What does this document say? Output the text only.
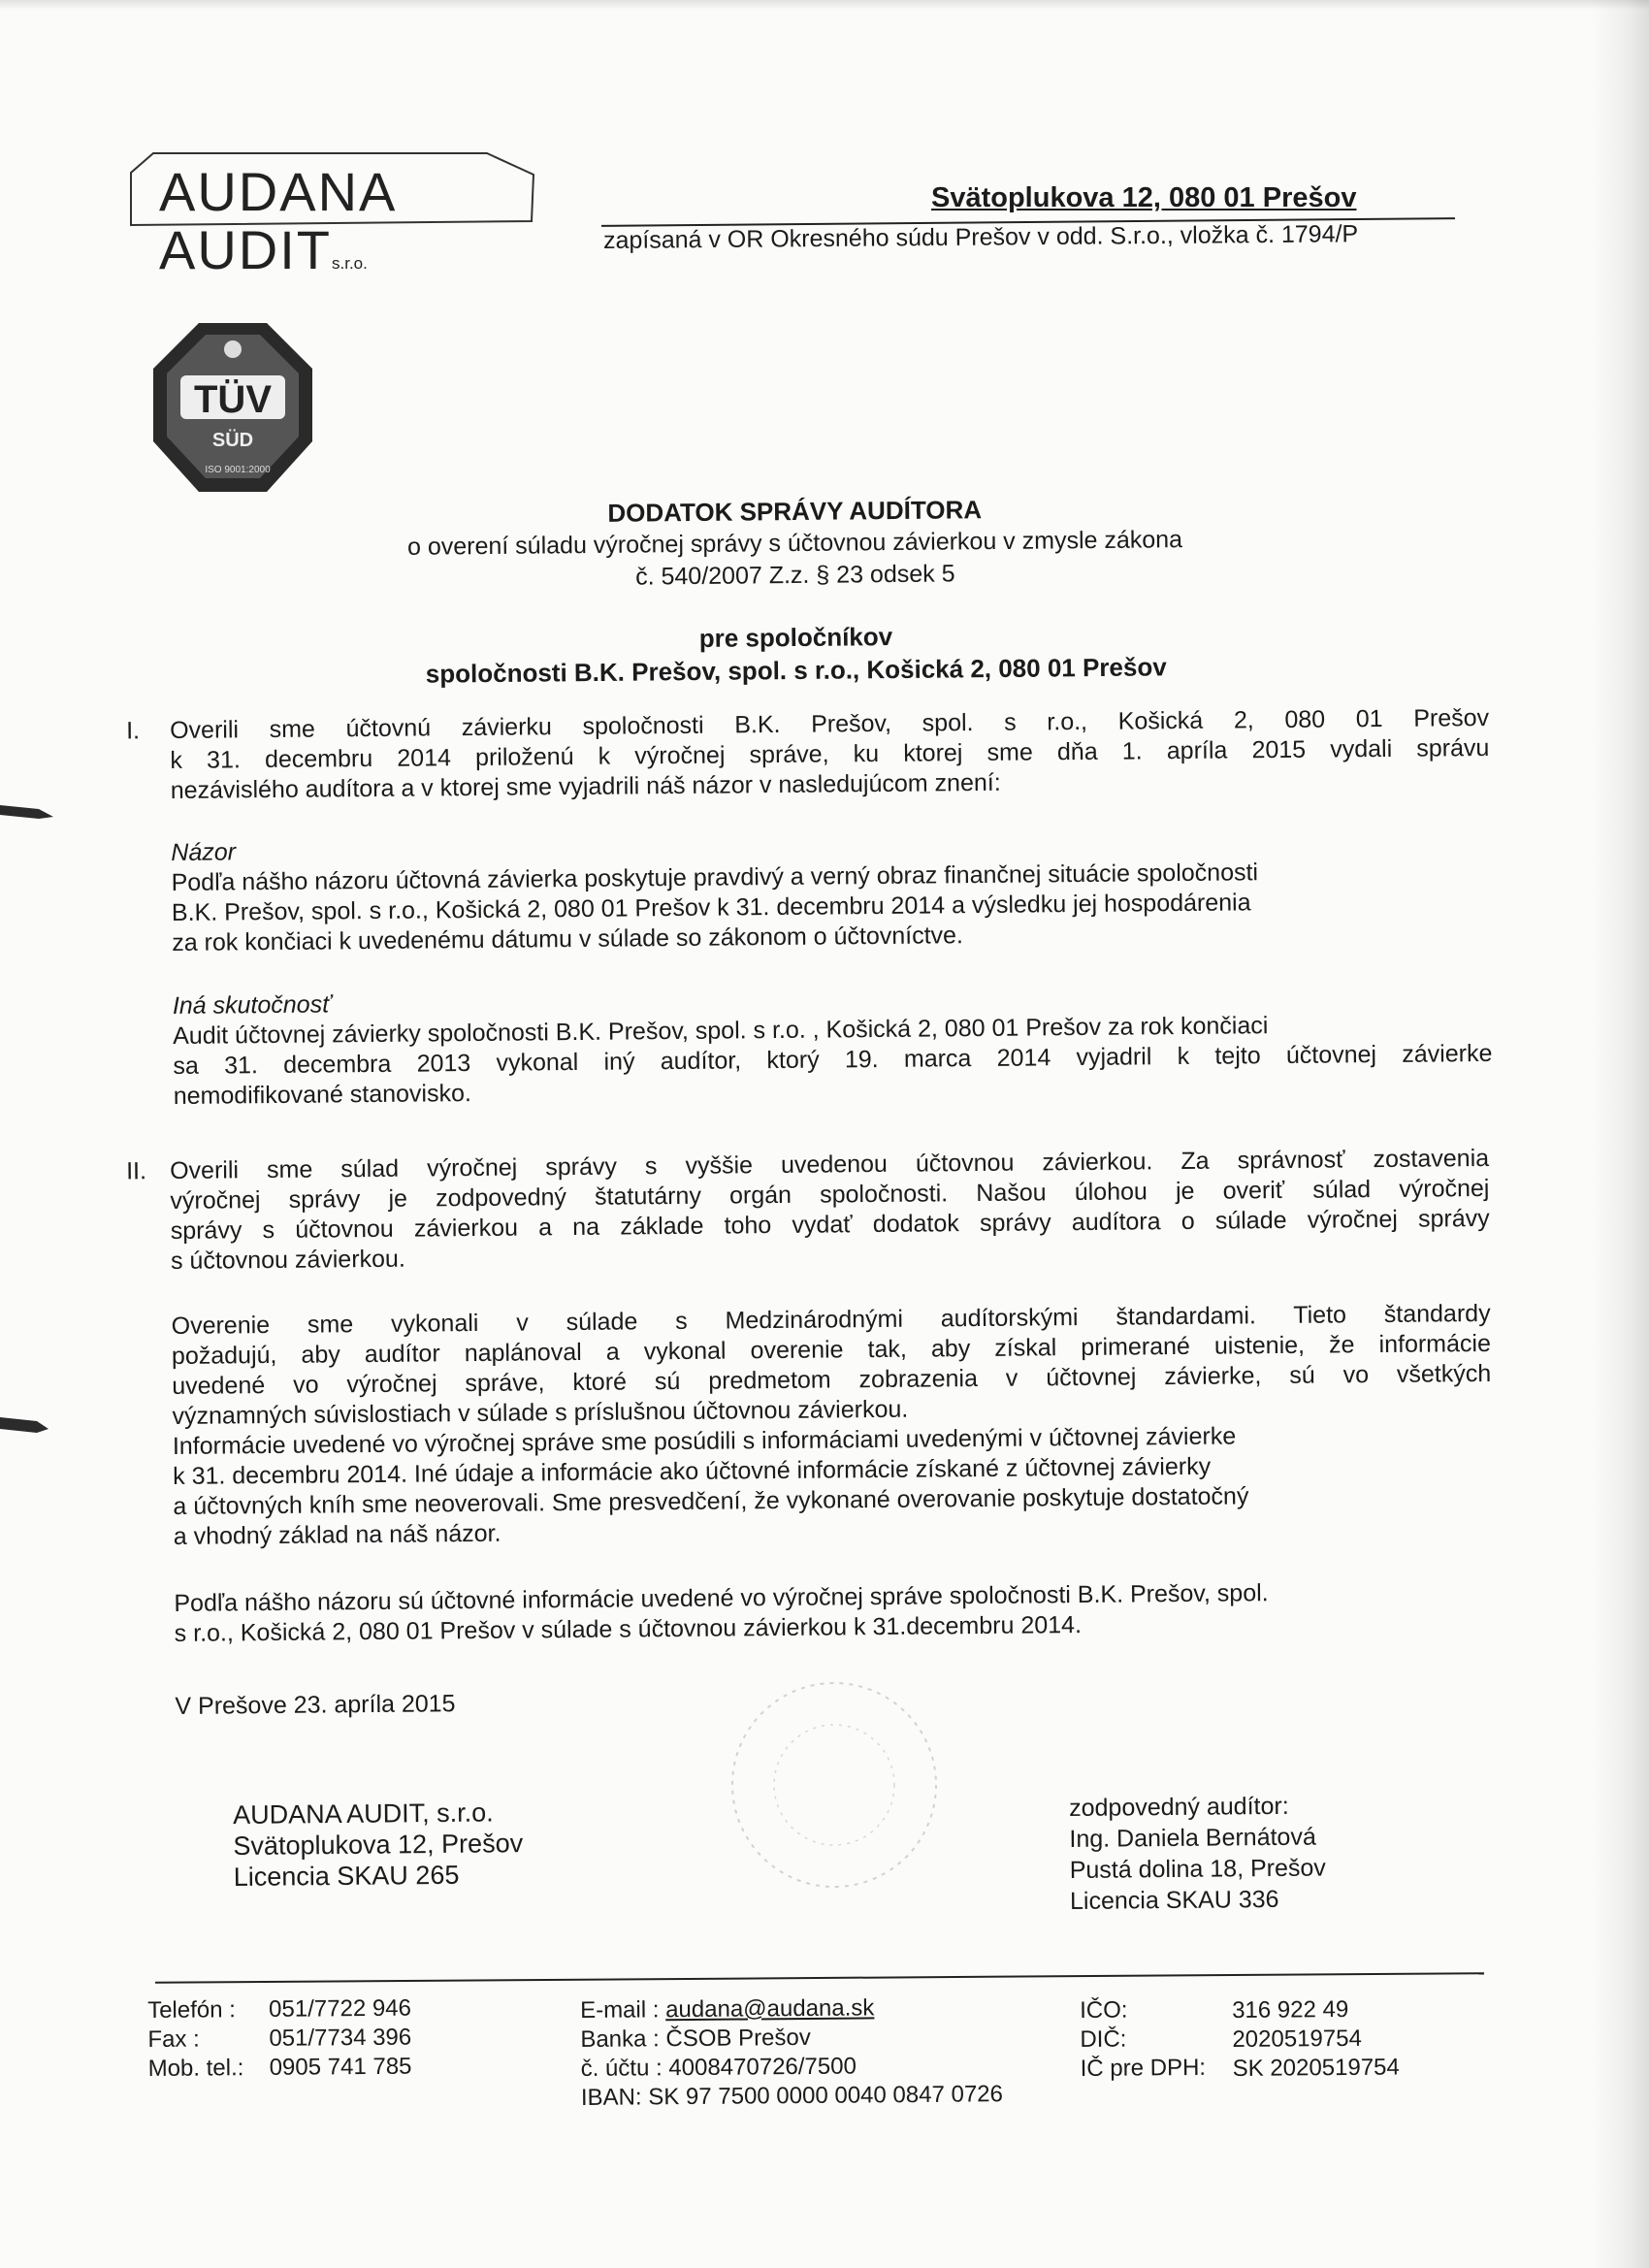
AUDANA AUDITs.r.o.
Svätoplukova 12, 080 01 Prešov
zapísaná v OR Okresného súdu Prešov v odd. S.r.o., vložka č. 1794/P
TÜV
SÜD
ISO 9001:2000
DODATOK SPRÁVY AUDÍTORA
o overení súladu výročnej správy s účtovnou závierkou v zmysle zákona
č. 540/2007 Z.z. § 23 odsek 5
pre spoločníkov
spoločnosti B.K. Prešov, spol. s r.o., Košická 2, 080 01 Prešov
I. Overili sme účtovnú závierku spoločnosti B.K. Prešov, spol. s r.o., Košická 2, 080 01 Prešov
k 31. decembru 2014 priloženú k výročnej správe, ku ktorej sme dňa 1. apríla 2015 vydali správu
nezávislého audítora a v ktorej sme vyjadrili náš názor v nasledujúcom znení:
Názor
Podľa nášho názoru účtovná závierka poskytuje pravdivý a verný obraz finančnej situácie spoločnosti
B.K. Prešov, spol. s r.o., Košická 2, 080 01 Prešov k 31. decembru 2014 a výsledku jej hospodárenia
za rok končiaci k uvedenému dátumu v súlade so zákonom o účtovníctve.
Iná skutočnosť
Audit účtovnej závierky spoločnosti B.K. Prešov, spol. s r.o. , Košická 2, 080 01 Prešov za rok končiaci
sa 31. decembra 2013 vykonal iný audítor, ktorý 19. marca 2014 vyjadril k tejto účtovnej závierke
nemodifikované stanovisko.
II. Overili sme súlad výročnej správy s vyššie uvedenou účtovnou závierkou. Za správnosť zostavenia
výročnej správy je zodpovedný štatutárny orgán spoločnosti. Našou úlohou je overiť súlad výročnej
správy s účtovnou závierkou a na základe toho vydať dodatok správy audítora o súlade výročnej správy
s účtovnou závierkou.
Overenie sme vykonali v súlade s Medzinárodnými audítorskými štandardami. Tieto štandardy
požadujú, aby audítor naplánoval a vykonal overenie tak, aby získal primerané uistenie, že informácie
uvedené vo výročnej správe, ktoré sú predmetom zobrazenia v účtovnej závierke, sú vo všetkých
významných súvislostiach v súlade s príslušnou účtovnou závierkou.
Informácie uvedené vo výročnej správe sme posúdili s informáciami uvedenými v účtovnej závierke
k 31. decembru 2014. Iné údaje a informácie ako účtovné informácie získané z účtovnej závierky
a účtovných kníh sme neoverovali. Sme presvedčení, že vykonané overovanie poskytuje dostatočný
a vhodný základ na náš názor.
Podľa nášho názoru sú účtovné informácie uvedené vo výročnej správe spoločnosti B.K. Prešov, spol.
s r.o., Košická 2, 080 01 Prešov v súlade s účtovnou závierkou k 31.decembru 2014.
V Prešove 23. apríla 2015
AUDANA AUDIT, s.r.o.
Svätoplukova 12, Prešov
Licencia SKAU 265
zodpovedný audítor:
Ing. Daniela Bernátová
Pustá dolina 18, Prešov
Licencia SKAU 336
Telefón : 051/7722 946
Fax :	051/7734 396
Mob. tel.: 0905 741 785
E-mail : audana@audana.sk
Banka : ČSOB Prešov
č. účtu : 4008470726/7500
IBAN: SK 97 7500 0000 0040 0847 0726
IČO:
DIČ:
IČ pre DPH:
316 922 49
2020519754
SK 2020519754
